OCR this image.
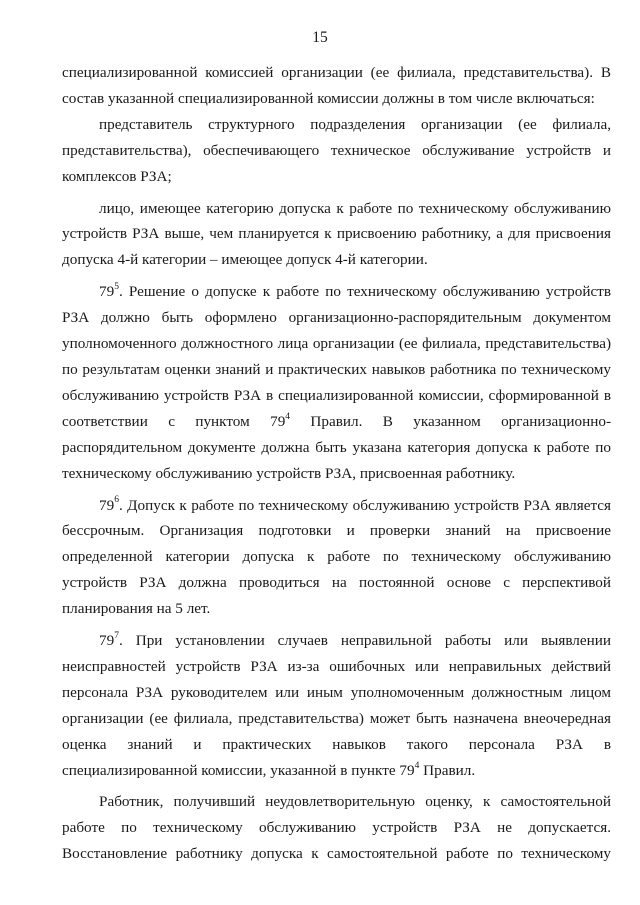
15

специализированной комиссией организации (ее филиала, представительства). В состав указанной специализированной комиссии должны в том числе включаться:

представитель структурного подразделения организации (ее филиала, представительства), обеспечивающего техническое обслуживание устройств и комплексов РЗА;

лицо, имеющее категорию допуска к работе по техническому обслуживанию устройств РЗА выше, чем планируется к присвоению работнику, а для присвоения допуска 4-й категории – имеющее допуск 4-й категории.

$79^5$. Решение о допуске к работе по техническому обслуживанию устройств РЗА должно быть оформлено организационно-распорядительным документом уполномоченного должностного лица организации (ее филиала, представительства) по результатам оценки знаний и практических навыков работника по техническому обслуживанию устройств РЗА в специализированной комиссии, сформированной в соответствии с пунктом $79^4$ Правил. В указанном организационно-распорядительном документе должна быть указана категория допуска к работе по техническому обслуживанию устройств РЗА, присвоенная работнику.

$79^6$. Допуск к работе по техническому обслуживанию устройств РЗА является бессрочным. Организация подготовки и проверки знаний на присвоение определенной категории допуска к работе по техническому обслуживанию устройств РЗА должна проводиться на постоянной основе с перспективой планирования на 5 лет.

$79^7$. При установлении случаев неправильной работы или выявлении неисправностей устройств РЗА из-за ошибочных или неправильных действий персонала РЗА руководителем или иным уполномоченным должностным лицом организации (ее филиала, представительства) может быть назначена внеочередная оценка знаний и практических навыков такого персонала РЗА в специализированной комиссии, указанной в пункте $79^4$ Правил.

Работник, получивший неудовлетворительную оценку, к самостоятельной работе по техническому обслуживанию устройств РЗА не допускается. Восстановление работнику допуска к самостоятельной работе по техническому
